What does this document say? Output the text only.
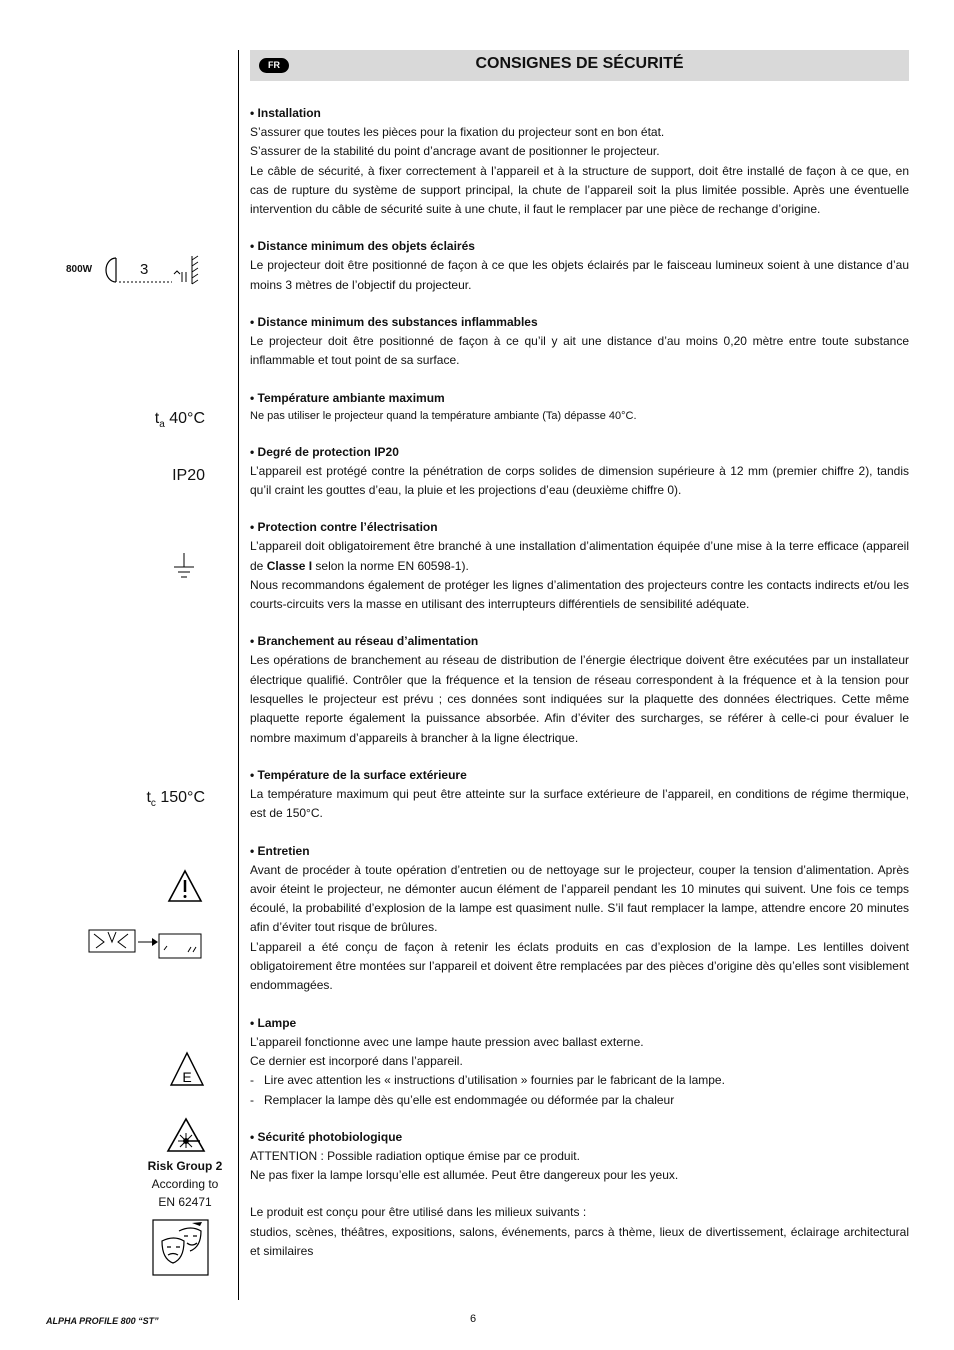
FR	CONSIGNES DE SÉCURITÉ
800W	3
$t_a$ 40°C
IP20
$t_c$ 150°C
E
Risk Group 2
According to
EN 62471
• Installation

S’assurer que toutes les pièces pour la fixation du projecteur sont en bon état.

S’assurer de la stabilité du point d’ancrage avant de positionner le projecteur.

Le câble de sécurité, à fixer correctement à l’appareil et à la structure de support, doit être installé de façon à ce que, en cas de rupture du système de support principal, la chute de l’appareil soit la plus limitée possible. Après une éventuelle intervention du câble de sécurité suite à une chute, il faut le remplacer par une pièce de rechange d’origine.

• Distance minimum des objets éclairés

Le projecteur doit être positionné de façon à ce que les objets éclairés par le faisceau lumineux soient à une distance d’au moins 3 mètres de l’objectif du projecteur.

• Distance minimum des substances inflammables

Le projecteur doit être positionné de façon à ce qu’il y ait une distance d’au moins 0,20 mètre entre toute substance inflammable et tout point de sa surface.

• Température ambiante maximum

Ne pas utiliser le projecteur quand la température ambiante (Ta) dépasse 40°C.

• Degré de protection IP20

L’appareil est protégé contre la pénétration de corps solides de dimension supérieure à 12 mm (premier chiffre 2), tandis qu’il craint les gouttes d’eau, la pluie et les projections d’eau (deuxième chiffre 0).

• Protection contre l’électrisation

L’appareil doit obligatoirement être branché à une installation d’alimentation équipée d’une mise à la terre efficace (appareil de Classe I selon la norme EN 60598-1).

Nous recommandons également de protéger les lignes d’alimentation des projecteurs contre les contacts indirects et/ou les courts-circuits vers la masse en utilisant des interrupteurs différentiels de sensibilité adéquate.

• Branchement au réseau d’alimentation

Les opérations de branchement au réseau de distribution de l’énergie électrique doivent être exécutées par un installateur électrique qualifié. Contrôler que la fréquence et la tension de réseau correspondent à la fréquence et à la tension pour lesquelles le projecteur est prévu ; ces données sont indiquées sur la plaquette des données électriques. Cette même plaquette reporte également la puissance absorbée. Afin d’éviter des surcharges, se référer à celle-ci pour évaluer le nombre maximum d’appareils à brancher à la ligne électrique.

• Température de la surface extérieure

La température maximum qui peut être atteinte sur la surface extérieure de l’appareil, en conditions de régime thermique, est de 150°C.

• Entretien

Avant de procéder à toute opération d’entretien ou de nettoyage sur le projecteur, couper la tension d’alimentation. Après avoir éteint le projecteur, ne démonter aucun élément de l’appareil pendant les 10 minutes qui suivent. Une fois ce temps écoulé, la probabilité d’explosion de la lampe est quasiment nulle. S’il faut remplacer la lampe, attendre encore 20 minutes afin d’éviter tout risque de brûlures.

L’appareil a été conçu de façon à retenir les éclats produits en cas d’explosion de la lampe. Les lentilles doivent obligatoirement être montées sur l’appareil et doivent être remplacées par des pièces d’origine dès qu’elles sont visiblement endommagées.

• Lampe

L’appareil fonctionne avec une lampe haute pression avec ballast externe.

Ce dernier est incorporé dans l’appareil.

-   Lire avec attention les « instructions d’utilisation » fournies par le fabricant de la lampe.

-   Remplacer la lampe dès qu’elle est endommagée ou déformée par la chaleur

• Sécurité photobiologique

ATTENTION : Possible radiation optique émise par ce produit.

Ne pas fixer la lampe lorsqu’elle est allumée. Peut être dangereux pour les yeux.

Le produit est conçu pour être utilisé dans les milieux suivants :

studios, scènes, théâtres, expositions, salons, événements, parcs à thème, lieux de divertissement, éclairage architectural et similaires

ALPHA PROFILE 800 “ST”	6
